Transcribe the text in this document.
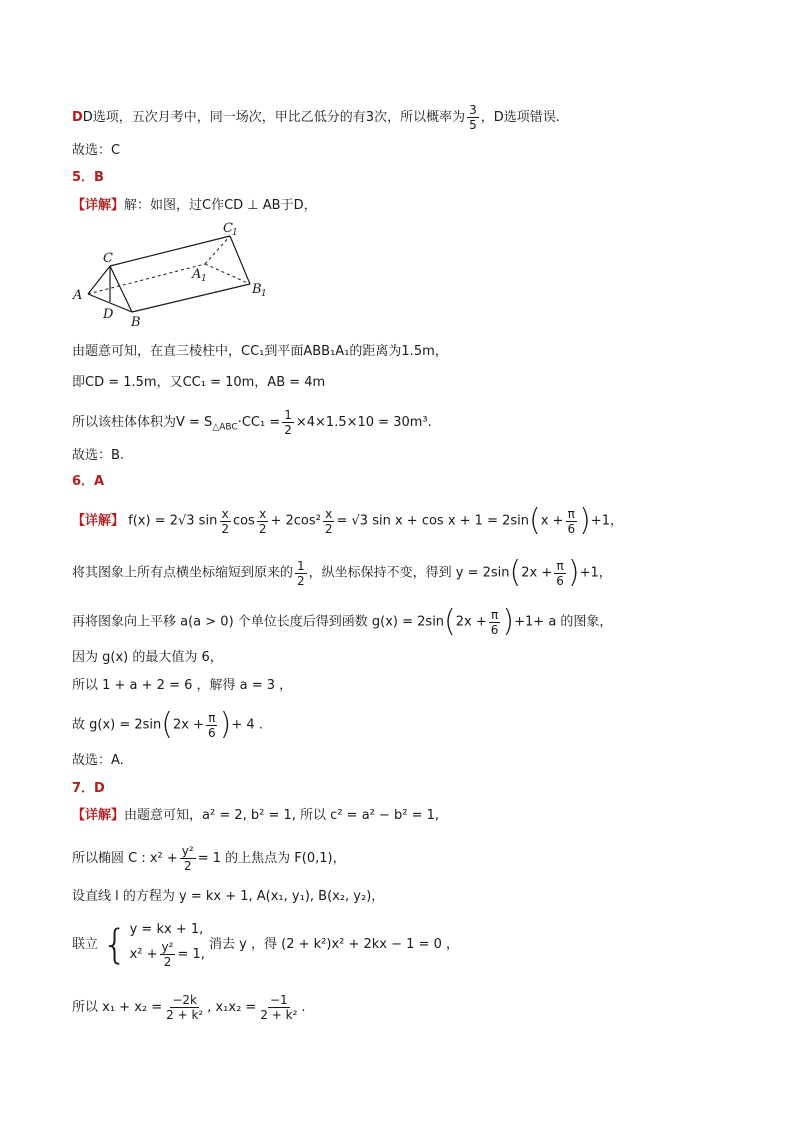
DD选项，五次月考中，同一场次，甲比乙低分的有3次，所以概率为 $\frac{3}{5}$ ，D选项错误.
故选：C
5．B
【详解】解：如图，过C作CD ⊥ AB于D，
C
C 1
A 1
A
B
B 1
D
由题意可知，在直三棱柱中，CC₁到平面ABB₁A₁的距离为1.5m，
即CD = 1.5m，又CC₁ = 10m，AB = 4m
所以该柱体体积为$V = S_{\triangle ABC}\cdot CC_1 = \frac{1}{2} \times 4\times 1.5\times 10 = 30m^3$.
故选：B.
6．A
【详解】 f(x) = 2√3 $\sin \frac{x}{2}$ $\cos \frac{x}{2} + 2\cos^2 \frac{x}{2} = √3$ $\sin x + \cos x + 1 = 2\sin(x + \frac{\pi}{6} )+1$，
将其图象上所有点横坐标缩短到原来的 $\frac{1}{2}$ ，纵坐标保持不变，得到 $y = 2\sin(2x + \frac{\pi}{6} )+1$，
再将图象向上平移 a(a > 0) 个单位长度后得到函数 $g(x) = 2\sin(2x + \frac{\pi}{6} )+1+ a$ 的图象，
因为 g(x) 的最大值为 6，
所以 1 + a + 2 = 6 ，解得 a = 3 ，
故 $g(x) = 2\sin(2x + \frac{\pi}{6}$ )+ 4 .
故选：A.
7．D
【详解】由题意可知，a² = 2, b² = 1, 所以 c² = a² − b² = 1,
所以椭圆 C : $x^2 + \frac{\text{y²}}{2} = 1$ 的上焦点为 F(0,1)，
设直线 l 的方程为 y = kx + 1, A(x₁, y₁), B(x₂, y₂)，
联立 { y = kx + 1,
$x^2 + \frac{\text{y²}}{2} = 1$,
消去 y ，得 (2 + k²)x² + 2kx − 1 = 0 ，
所以 $x_1 + x_2 = \frac{-2k}{\text{2 + k²}}$ , $x_1x_2 = \frac{-1}{\text{2 + k²}}$ .
